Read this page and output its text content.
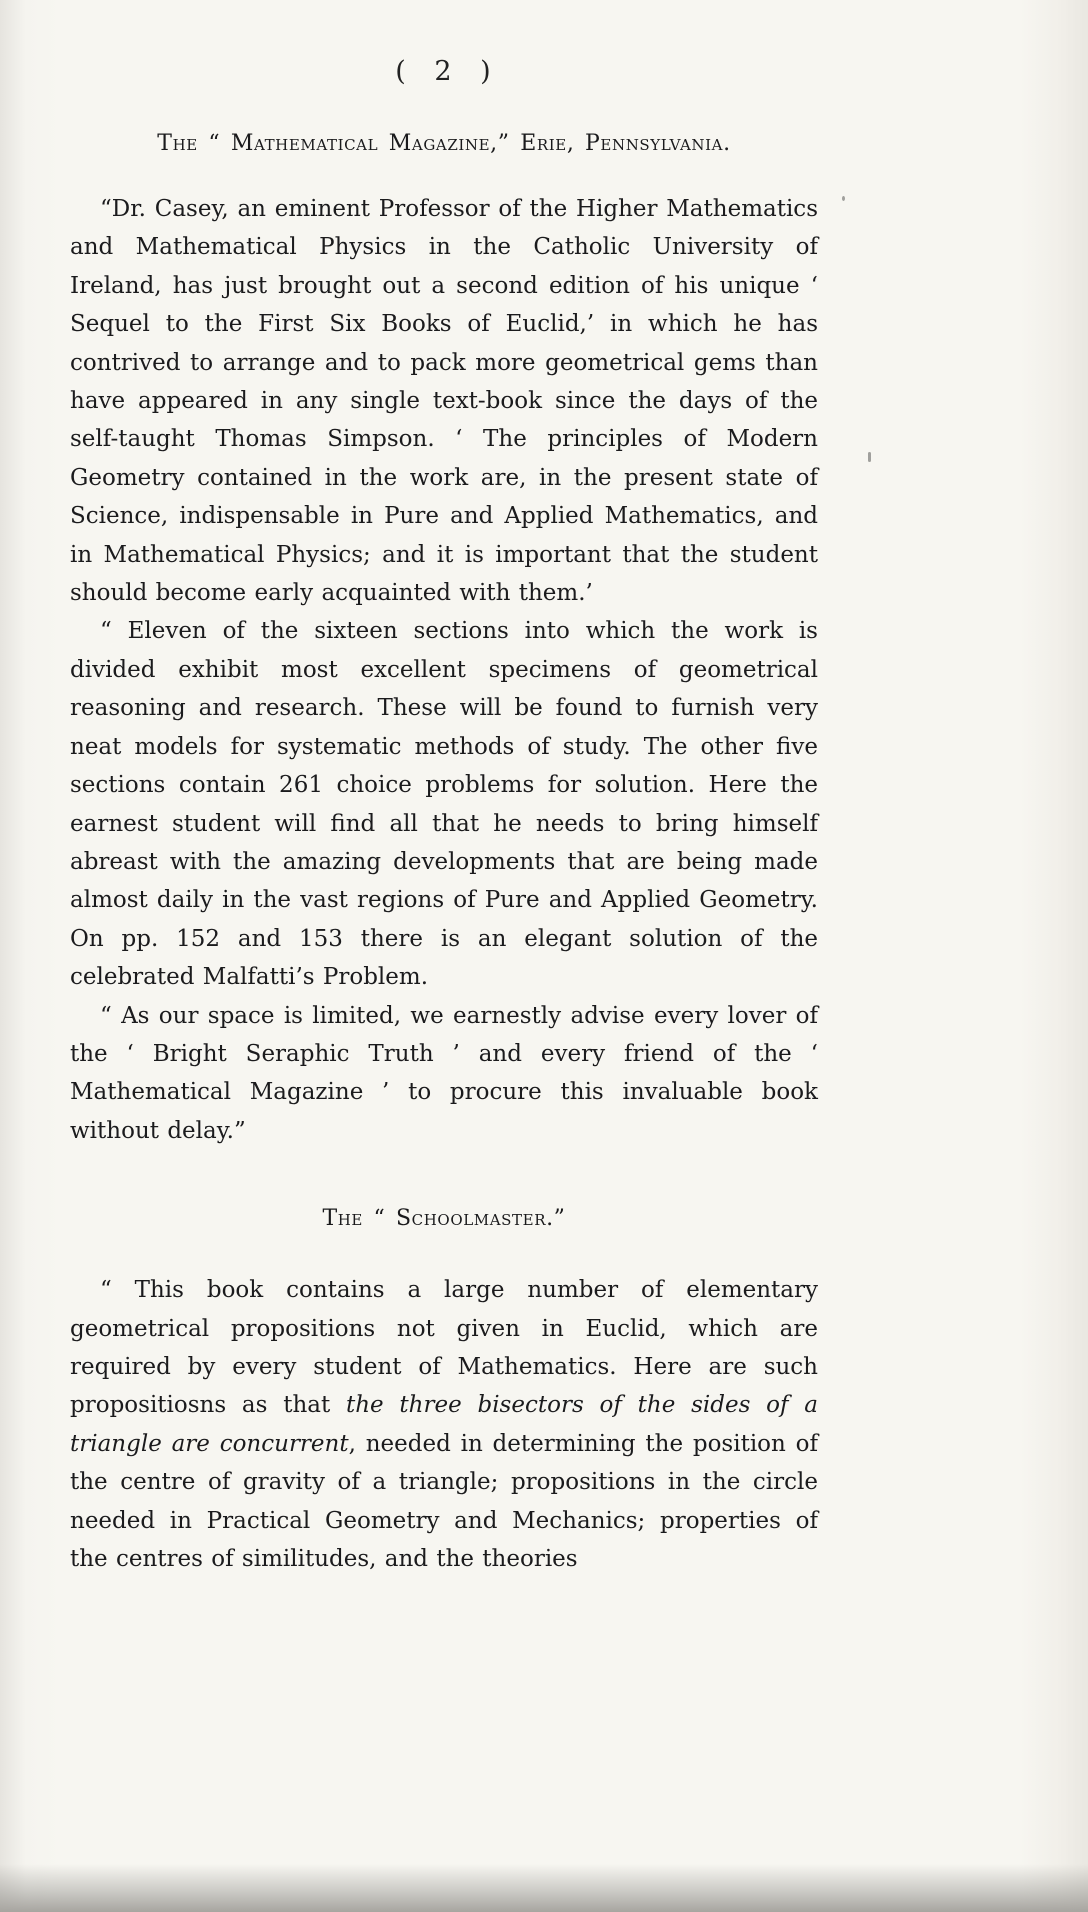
( 2 )
The “ Mathematical Magazine,” Erie, Pennsylvania.

“Dr. Casey, an eminent Professor of the Higher Mathematics and Mathematical Physics in the Catholic University of Ireland, has just brought out a second edition of his unique ‘ Sequel to the First Six Books of Euclid,’ in which he has contrived to arrange and to pack more geometrical gems than have appeared in any single text-book since the days of the self-taught Thomas Simpson. ‘ The principles of Modern Geometry contained in the work are, in the present state of Science, indispensable in Pure and Applied Mathematics, and in Mathematical Physics; and it is important that the student should become early acquainted with them.’

“ Eleven of the sixteen sections into which the work is divided exhibit most excellent specimens of geometrical reasoning and research. These will be found to furnish very neat models for systematic methods of study. The other five sections contain 261 choice problems for solution. Here the earnest student will find all that he needs to bring himself abreast with the amazing developments that are being made almost daily in the vast regions of Pure and Applied Geometry. On pp. 152 and 153 there is an elegant solution of the celebrated Malfatti’s Problem.

“ As our space is limited, we earnestly advise every lover of the ‘ Bright Seraphic Truth ’ and every friend of the ‘ Mathematical Magazine ’ to procure this invaluable book without delay.”

The “ Schoolmaster.”

“ This book contains a large number of elementary geometrical propositions not given in Euclid, which are required by every student of Mathematics. Here are such propositiosns as that the three bisectors of the sides of a triangle are concurrent, needed in determining the position of the centre of gravity of a triangle; propositions in the circle needed in Practical Geometry and Mechanics; properties of the centres of similitudes, and the theories
